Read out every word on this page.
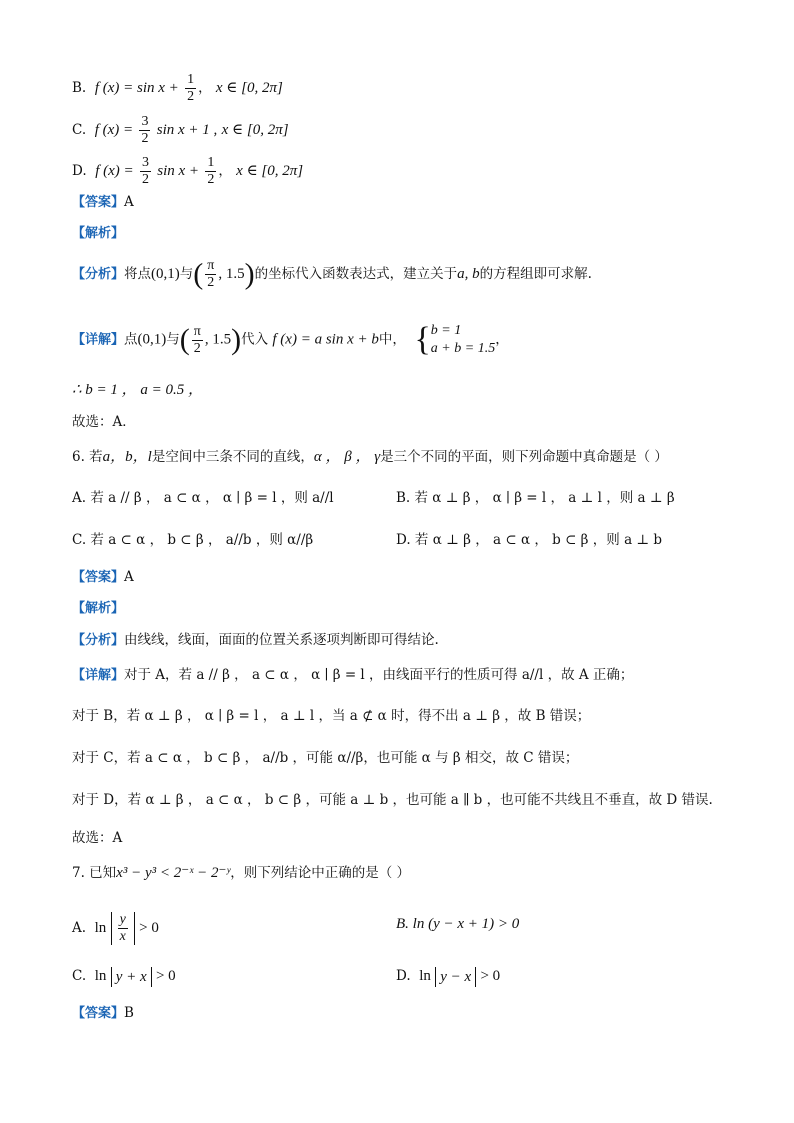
B. f $(x) = \sin x + \frac{1}{2}$ ， x ∈ [0, 2π]
C. f $(x) = \frac{3}{2}$ sin x + 1 , x ∈ [0, 2π]
D. f $(x) = \frac{3}{2}$ $\sin x + \frac{1}{2}$ ， x ∈ [0, 2π]
【答案】A
【解析】
【分析】将点(0,1)与( $\frac{\pi}{2}$ , 1.5)的坐标代入函数表达式，建立关于a, b的方程组即可求解.
【详解】点(0,1)与( $\frac{\pi}{2}$ , 1.5)代入 f (x) = a sin x + b中， { b = 1
a + b = 1.5
，
∴ b = 1 ， a = 0.5 ，
故选：A．
6. 若a，b，l是空间中三条不同的直线，α ， β ， γ是三个不同的平面，则下列命题中真命题是（ ）
A. 若 a // β ， a ⊂ α ， α ∣ β = l ，则 a//l	B. 若 α ⊥ β ， α ∣ β = l ， a ⊥ l ，则 a ⊥ β
C. 若 a ⊂ α ， b ⊂ β ， a//b ，则 α//β	D. 若 α ⊥ β ， a ⊂ α ， b ⊂ β ，则 a ⊥ b
【答案】A
【解析】
【分析】由线线，线面，面面的位置关系逐项判断即可得结论.
【详解】对于 A，若 a // β ， a ⊂ α ， α ∣ β = l ，由线面平行的性质可得 a//l ，故 A 正确；
对于 B，若 α ⊥ β ， α ∣ β = l ， a ⊥ l ，当 a ⊄ α 时，得不出 a ⊥ β ，故 B 错误；
对于 C，若 a ⊂ α ， b ⊂ β ， a//b ，可能 α//β，也可能 α 与 β 相交，故 C 错误；
对于 D，若 α ⊥ β ， a ⊂ α ， b ⊂ β ，可能 a ⊥ b ，也可能 a ∥ b ，也可能不共线且不垂直，故 D 错误.
故选：A
7. 已知x³ − y³ < 2⁻ˣ − 2⁻ʸ，则下列结论中正确的是（ ）
A. $\ln \frac{y}{x} > 0$	B. ln (y − x + 1) > 0
C. ln y + x > 0	D. ln y − x > 0
【答案】B
